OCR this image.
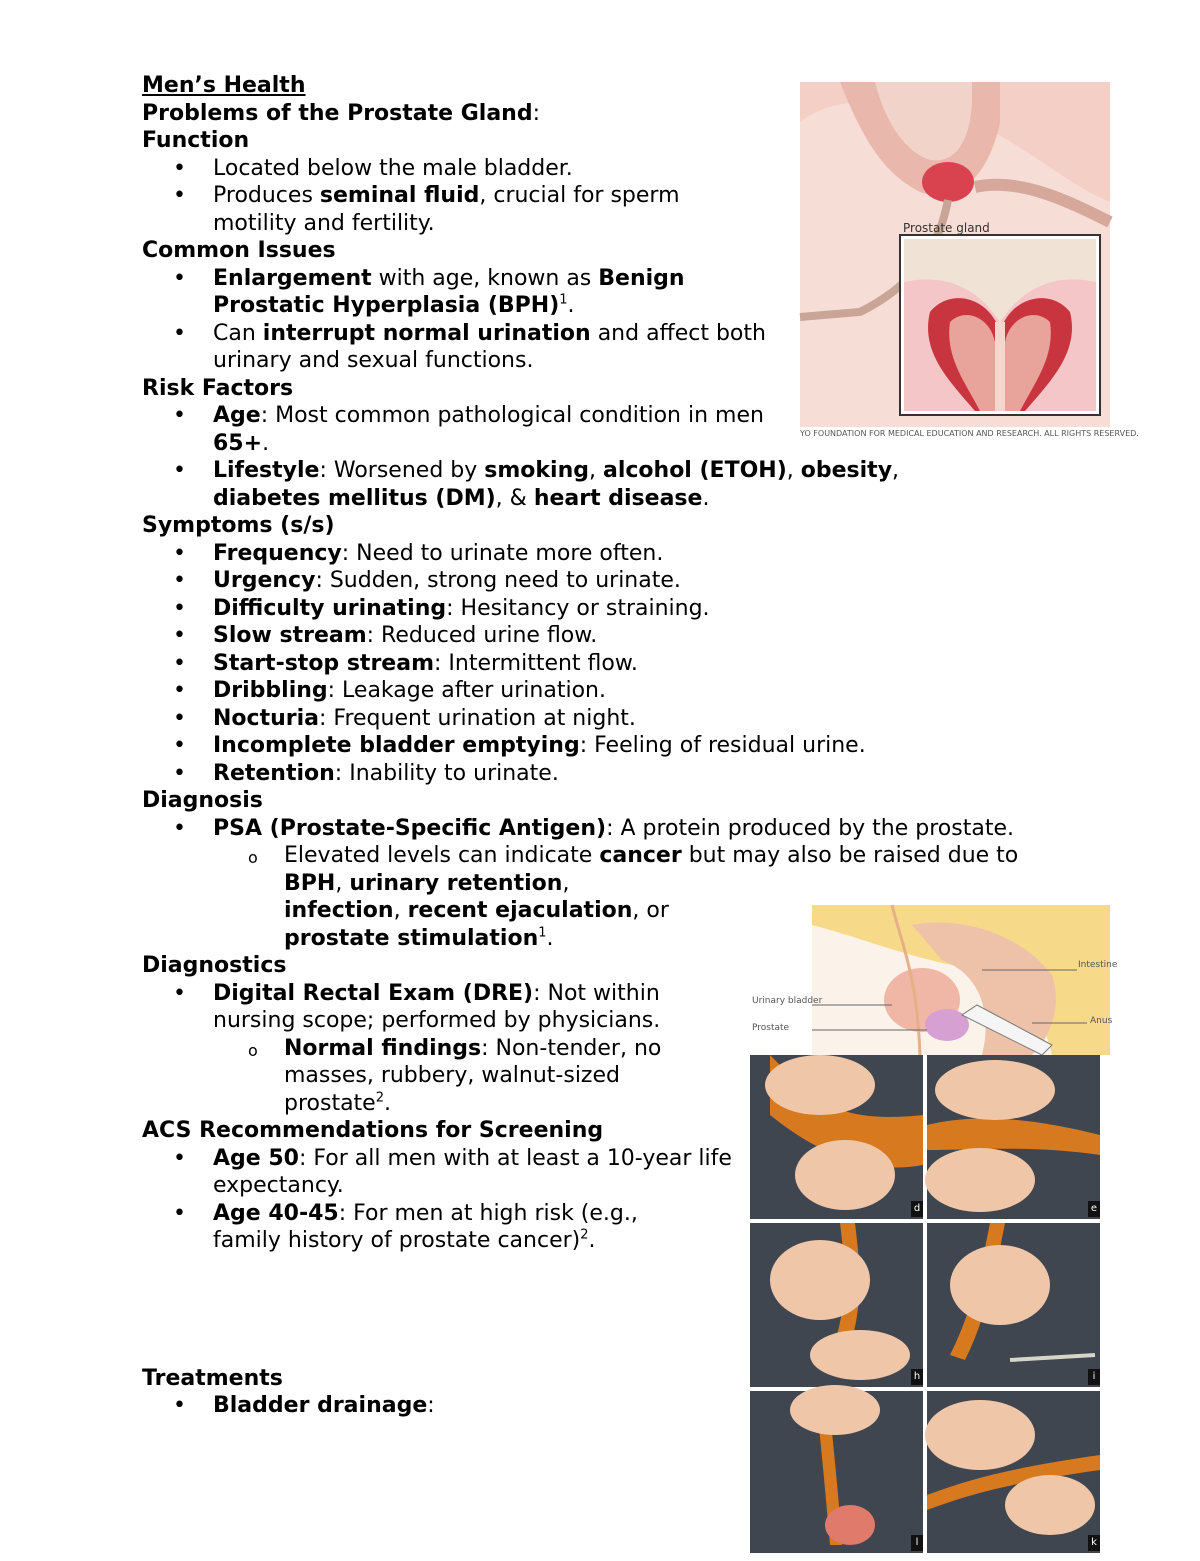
Men’s Health
Problems of the Prostate Gland:
Function
• Located below the male bladder.
• Produces seminal fluid, crucial for sperm motility and fertility.
Common Issues
• Enlargement with age, known as Benign Prostatic Hyperplasia (BPH)$^1$.
• Can interrupt normal urination and affect both urinary and sexual functions.
Risk Factors
• Age: Most common pathological condition in men 65+.
• Lifestyle: Worsened by smoking, alcohol (ETOH), obesity,
diabetes mellitus (DM), & heart disease.
Symptoms (s/s)
• Frequency: Need to urinate more often.
• Urgency: Sudden, strong need to urinate.
• Difficulty urinating: Hesitancy or straining.
• Slow stream: Reduced urine flow.
• Start-stop stream: Intermittent flow.
• Dribbling: Leakage after urination.
• Nocturia: Frequent urination at night.
• Incomplete bladder emptying: Feeling of residual urine.
• Retention: Inability to urinate.
Diagnosis
• PSA (Prostate-Specific Antigen): A protein produced by the prostate.
o Elevated levels can indicate cancer but may also be raised due to BPH, urinary retention,
infection, recent ejaculation, or
prostate stimulation$^1$.
Diagnostics
• Digital Rectal Exam (DRE): Not within nursing scope; performed by physicians.
o Normal findings: Non-tender, no masses, rubbery, walnut-sized prostate$^2$.
ACS Recommendations for Screening
• Age 50: For all men with at least a 10-year life expectancy.
• Age 40-45: For men at high risk (e.g., family history of prostate cancer)$^2$.
Treatments
• Bladder drainage:
Prostate gland
YO FOUNDATION FOR MEDICAL EDUCATION AND RESEARCH. ALL RIGHTS RESERVED.
Urinary bladder
Prostate
Intestine
Anus
d	e
h	i
l	k
